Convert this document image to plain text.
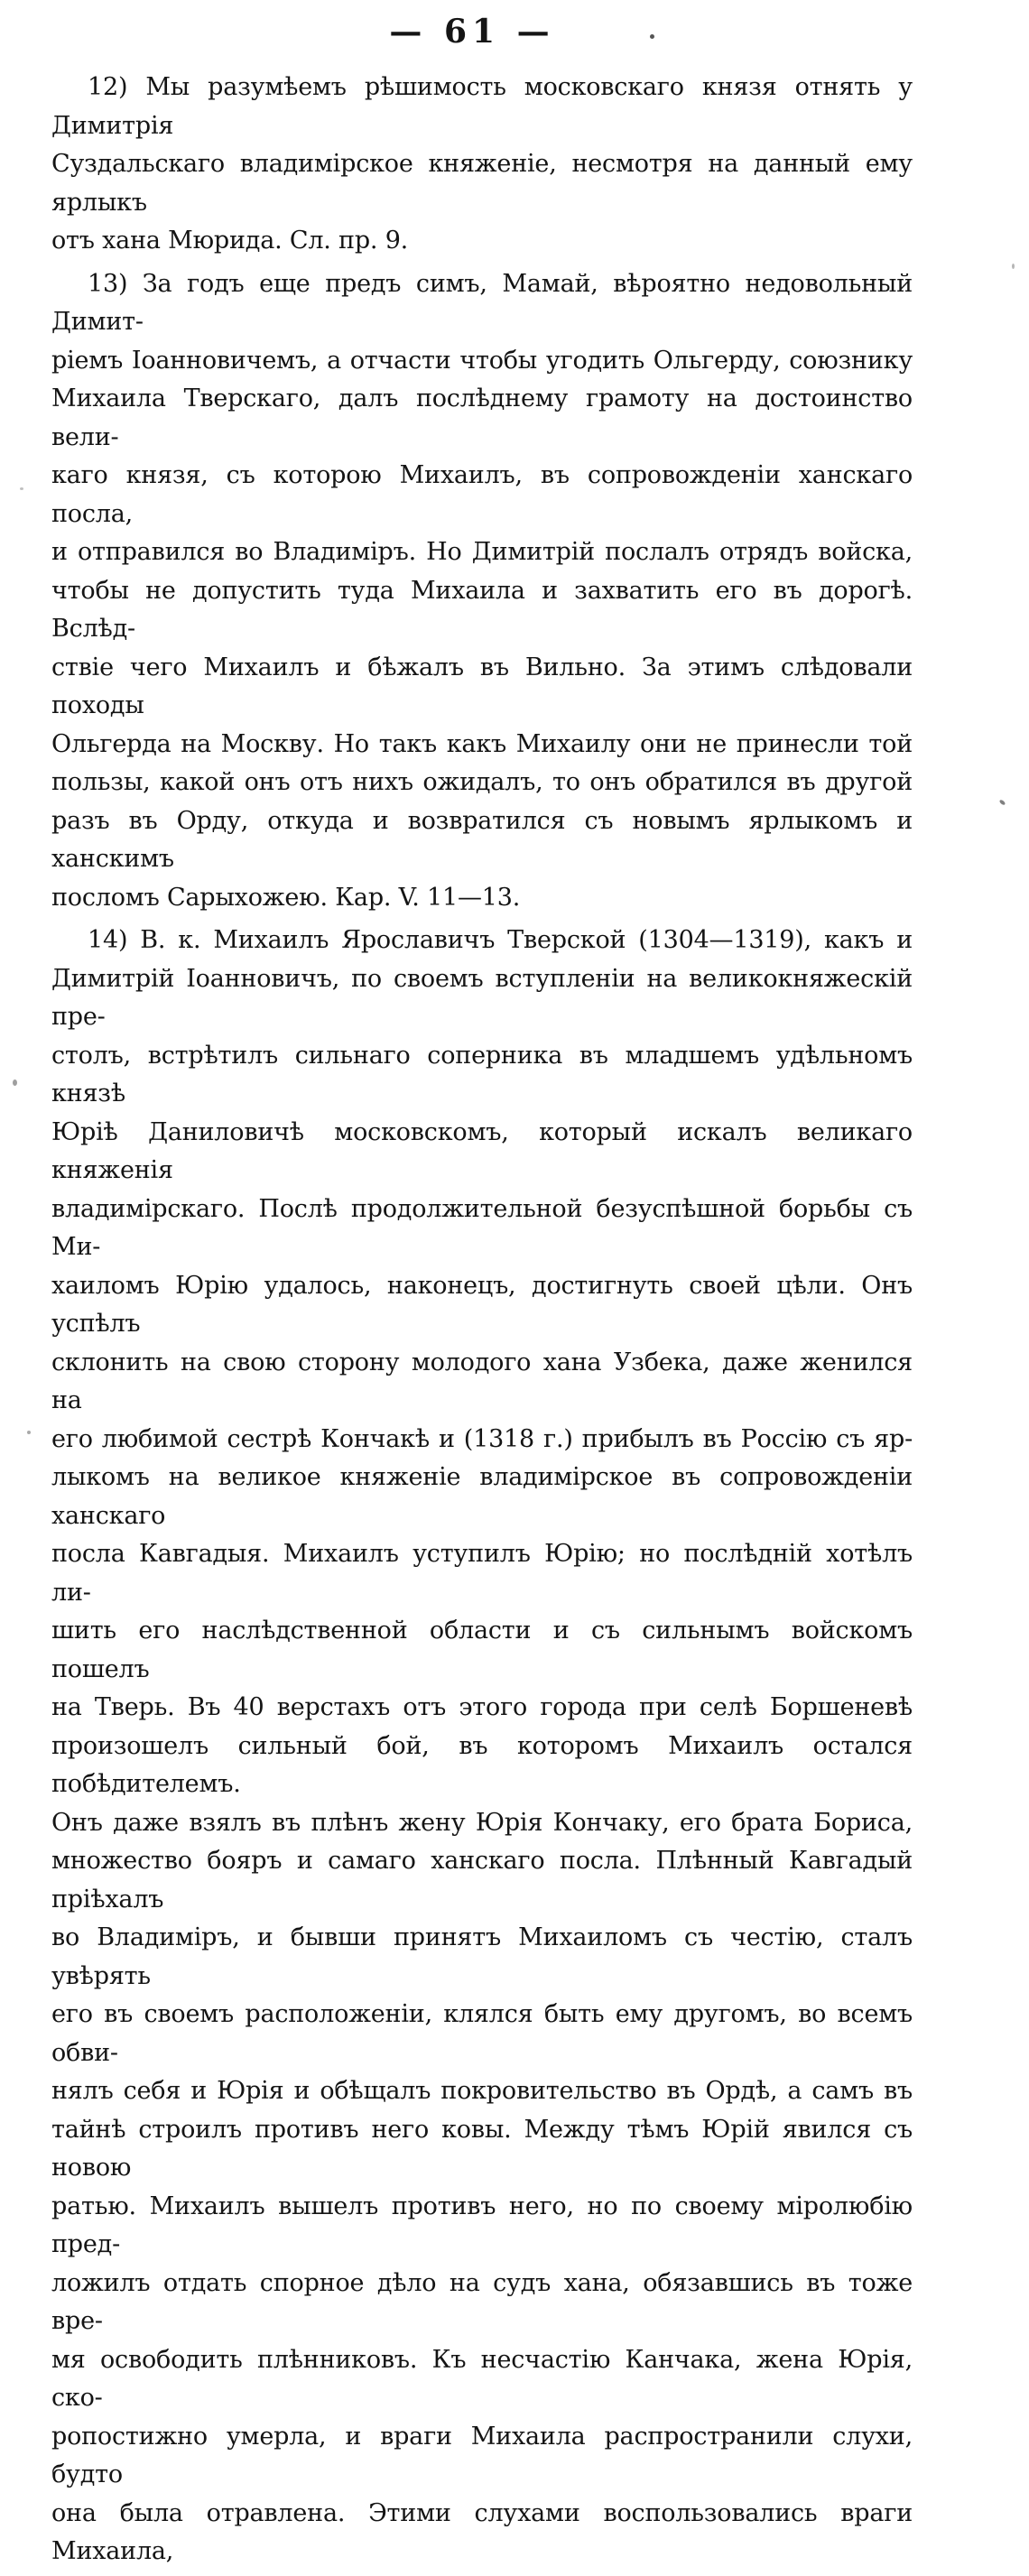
— 61 —
12) Мы разумѣемъ рѣшимость московскаго князя отнять у Димитрія
Суздальскаго владимірское княженіе, несмотря на данный ему ярлыкъ
отъ хана Мюрида. Сл. пр. 9.
13) За годъ еще предъ симъ, Мамай, вѣроятно недовольный Димит-
ріемъ Іоанновичемъ, а отчасти чтобы угодить Ольгерду, союзнику
Михаила Тверскаго, далъ послѣднему грамоту на достоинство вели-
каго князя, съ которою Михаилъ, въ сопровожденіи ханскаго посла,
и отправился во Владиміръ. Но Димитрій послалъ отрядъ войска,
чтобы не допустить туда Михаила и захватить его въ дорогѣ. Вслѣд-
ствіе чего Михаилъ и бѣжалъ въ Вильно. За этимъ слѣдовали походы
Ольгерда на Москву. Но такъ какъ Михаилу они не принесли той
пользы, какой онъ отъ нихъ ожидалъ, то онъ обратился въ другой
разъ въ Орду, откуда и возвратился съ новымъ ярлыкомъ и ханскимъ
посломъ Сарыхожею. Кар. V. 11—13.
14) В. к. Михаилъ Ярославичъ Тверской (1304—1319), какъ и
Димитрій Іоанновичъ, по своемъ вступленіи на великокняжескій пре-
столъ, встрѣтилъ сильнаго соперника въ младшемъ удѣльномъ князѣ
Юріѣ Даниловичѣ московскомъ, который искалъ великаго княженія
владимірскаго. Послѣ продолжительной безуспѣшной борьбы съ Ми-
хаиломъ Юрію удалось, наконецъ, достигнуть своей цѣли. Онъ успѣлъ
склонить на свою сторону молодого хана Узбека, даже женился на
его любимой сестрѣ Кончакѣ и (1318 г.) прибылъ въ Россію съ яр-
лыкомъ на великое княженіе владимірское въ сопровожденіи ханскаго
посла Кавгадыя. Михаилъ уступилъ Юрію; но послѣдній хотѣлъ ли-
шить его наслѣдственной области и съ сильнымъ войскомъ пошелъ
на Тверь. Въ 40 верстахъ отъ этого города при селѣ Боршеневѣ
произошелъ сильный бой, въ которомъ Михаилъ остался побѣдителемъ.
Онъ даже взялъ въ плѣнъ жену Юрія Кончаку, его брата Бориса,
множество бояръ и самаго ханскаго посла. Плѣнный Кавгадый пріѣхалъ
во Владиміръ, и бывши принятъ Михаиломъ съ честію, сталъ увѣрять
его въ своемъ расположеніи, клялся быть ему другомъ, во всемъ обви-
нялъ себя и Юрія и обѣщалъ покровительство въ Ордѣ, а самъ въ
тайнѣ строилъ противъ него ковы. Между тѣмъ Юрій явился съ новою
ратью. Михаилъ вышелъ противъ него, но по своему міролюбію пред-
ложилъ отдать спорное дѣло на судъ хана, обязавшись въ тоже вре-
мя освободить плѣнниковъ. Къ несчастію Канчака, жена Юрія, ско-
ропостижно умерла, и враги Михаила распространили слухи, будто
она была отравлена. Этими слухами воспользовались враги Михаила,
